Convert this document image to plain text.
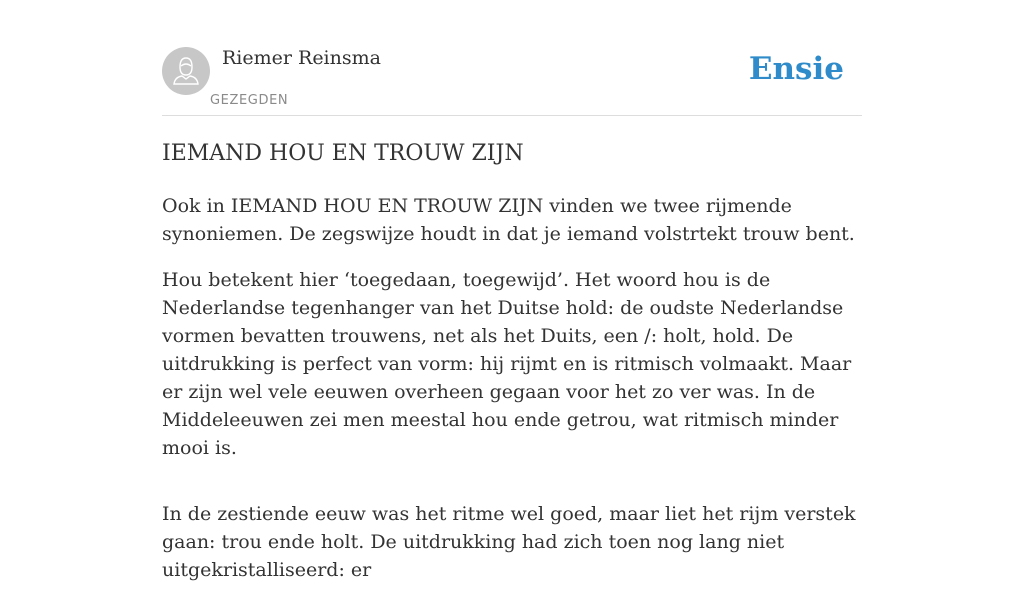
Riemer Reinsma
GEZEGDEN
Ensie
IEMAND HOU EN TROUW ZIJN

Ook in IEMAND HOU EN TROUW ZIJN vinden we twee rijmende synoniemen. De zegswijze houdt in dat je iemand volstrtekt trouw bent.

Hou betekent hier ‘toegedaan, toegewijd’. Het woord hou is de Nederlandse tegenhanger van het Duitse hold: de oudste Nederlandse vormen bevatten trouwens, net als het Duits, een /: holt, hold. De uitdrukking is perfect van vorm: hij rijmt en is ritmisch volmaakt. Maar er zijn wel vele eeuwen overheen gegaan voor het zo ver was. In de Middeleeuwen zei men meestal hou ende getrou, wat ritmisch minder mooi is.

In de zestiende eeuw was het ritme wel goed, maar liet het rijm verstek gaan: trou ende holt. De uitdrukking had zich toen nog lang niet uitgekristalliseerd: er
